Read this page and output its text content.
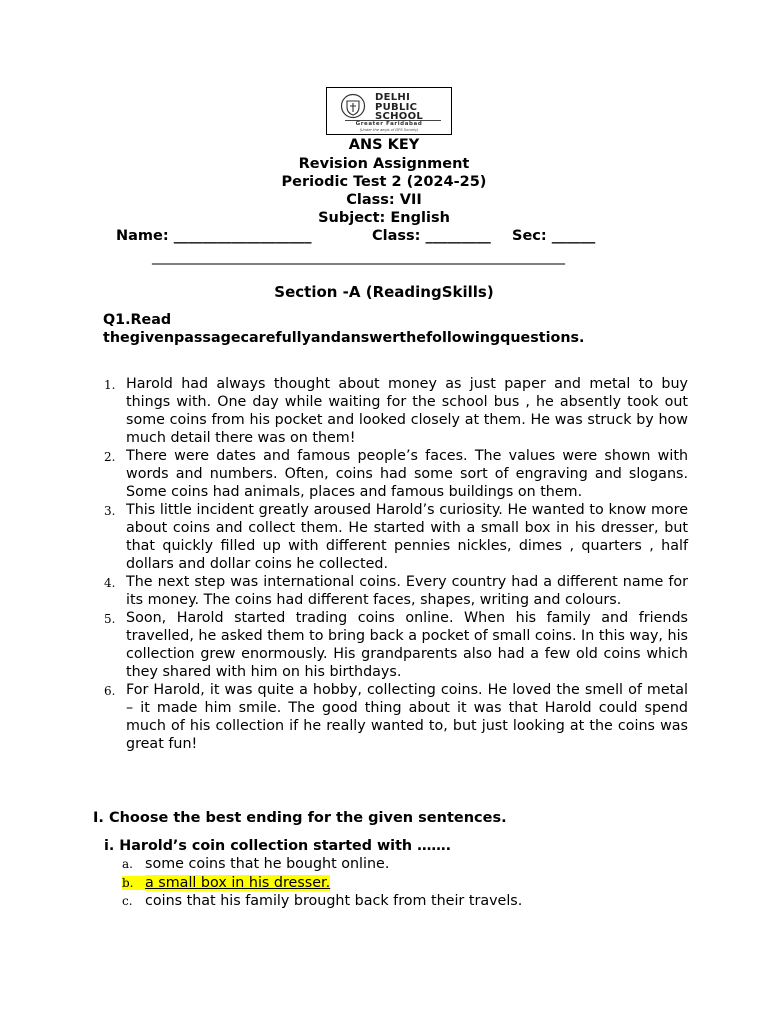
DELHI
PUBLIC
SCHOOL
Greater Faridabad
(Under the aegis of DPS Society)
ANS KEY
Revision Assignment
Periodic Test 2 (2024-25)
Class: VII
Subject: English
Name: ___________________	Class: _________ Sec: ______
___________________________________________________________
Section -A (ReadingSkills)
Q1.Read
thegivenpassagecarefullyandanswerthefollowingquestions.
1. Harold had always thought about money as just paper and metal to buy things with. One day while waiting for the school bus , he absently took out some coins from his pocket and looked closely at them. He was struck by how much detail there was on them!
2. There were dates and famous people’s faces. The values were shown with words and numbers. Often, coins had some sort of engraving and slogans. Some coins had animals, places and famous buildings on them.
3. This little incident greatly aroused Harold’s curiosity. He wanted to know more about coins and collect them. He started with a small box in his dresser, but that quickly filled up with different pennies nickles, dimes , quarters , half dollars and dollar coins he collected.
4. The next step was international coins. Every country had a different name for its money. The coins had different faces, shapes, writing and colours.
5. Soon, Harold started trading coins online. When his family and friends travelled, he asked them to bring back a pocket of small coins. In this way, his collection grew enormously. His grandparents also had a few old coins which they shared with him on his birthdays.
6. For Harold, it was quite a hobby, collecting coins. He loved the smell of metal – it made him smile. The good thing about it was that Harold could spend much of his collection if he really wanted to, but just looking at the coins was great fun!
I. Choose the best ending for the given sentences.
i. Harold’s coin collection started with …….
a. some coins that he bought online.
b. a small box in his dresser.
c. coins that his family brought back from their travels.
